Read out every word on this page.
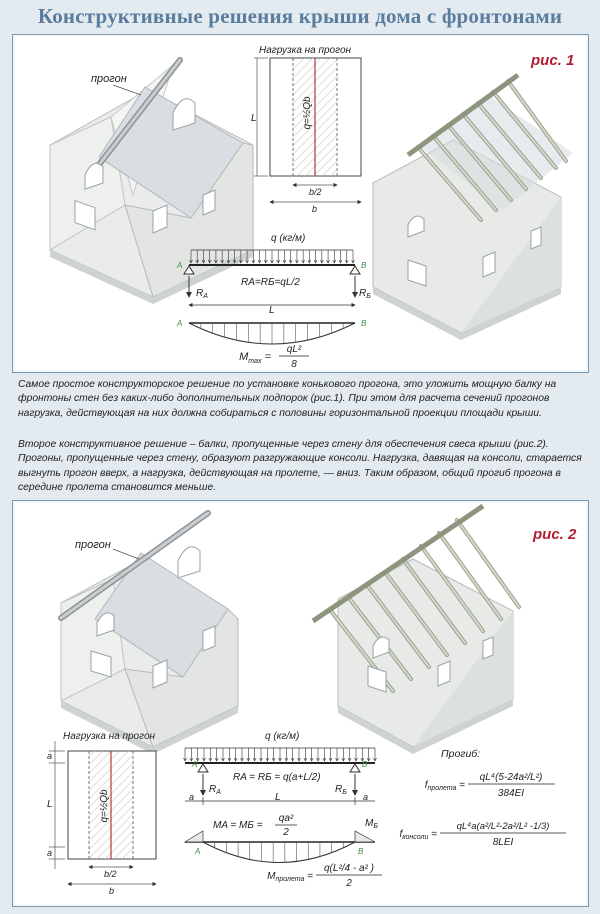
Конструктивные решения крыши дома с фронтонами
прогон
Нагрузка на прогон
q=½Qb
L
b/2
b
рис. 1
q (кг/м)
A	B
$R_A$	$R_Б$
RA=RБ=qL/2
L
A	B
$M_{max}$ =
qL²
8
Самое простое конструкторское решение по установке конькового прогона, это уложить мощную балку на фронтоны стен без каких-либо дополнительных подпорок (рис.1). При этом для расчета сечений прогонов нагрузка, действующая на них должна собираться с половины горизонтальной проекции площади крыши.
Второе конструктивное решение – балки, пропущенные через стену для обеспечения свеса крыши (рис.2). Прогоны, пропущенные через стену, образуют разгружающие консоли. Нагрузка, давящая на консоли, старается выгнуть прогон вверх, а нагрузка, действующая на пролете, — вниз. Таким образом, общий прогиб прогона в середине пролета становится меньше.
рис. 2
прогон
Нагрузка на прогон
q=½Qb
a
L
a
b/2
b
q (кг/м)
A	B
$R_A$	$R_Б$
RA = RБ = q(a+L/2)
a	L	a
MA = MБ =
qa²
2
$M_Б$
A	B
$M_{пролета}$ =
q(L²/4 - a² )
2
Прогиб:
$f_{пролета}$ =
qL⁴(5-24a²/L²)
384EI
$f_{консоли}$ =
qL⁴a(a²/L²-2a²/L² -1/3)
8LEI
